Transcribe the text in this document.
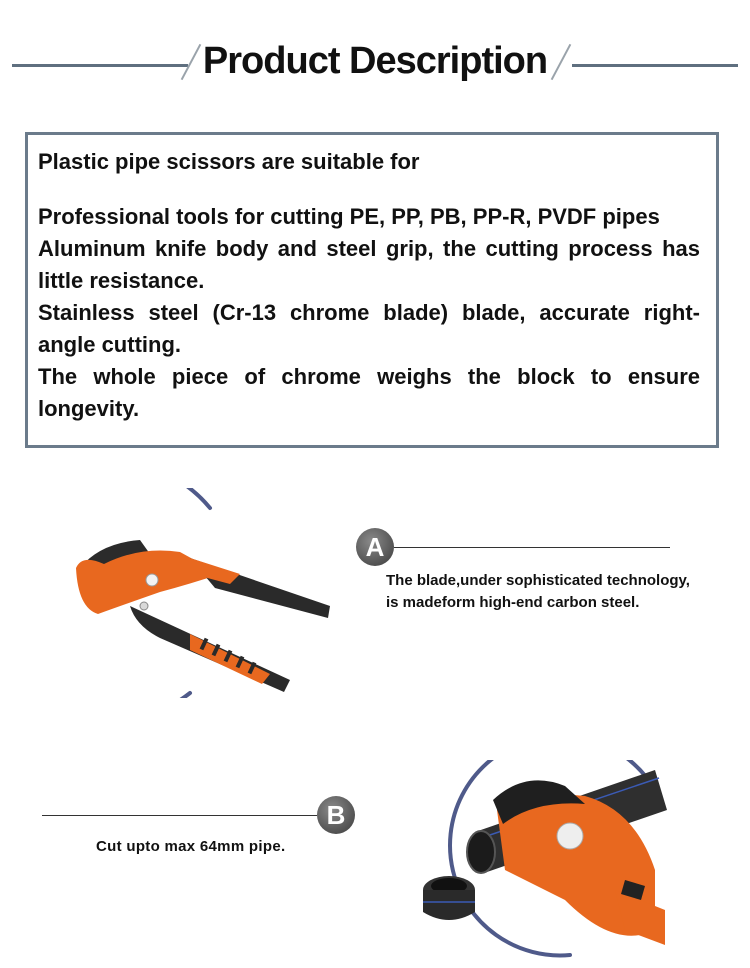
Product Description

Plastic pipe scissors are suitable for

Professional tools for cutting PE, PP, PB, PP-R, PVDF pipes

Aluminum knife body and steel grip, the cutting process has little resistance.

Stainless steel (Cr-13 chrome blade) blade, accurate right-angle cutting.

The whole piece of chrome weighs the block to ensure longevity.

A
The blade,under sophisticated technology,
is madeform high-end carbon steel.
B
Cut upto max 64mm pipe.
